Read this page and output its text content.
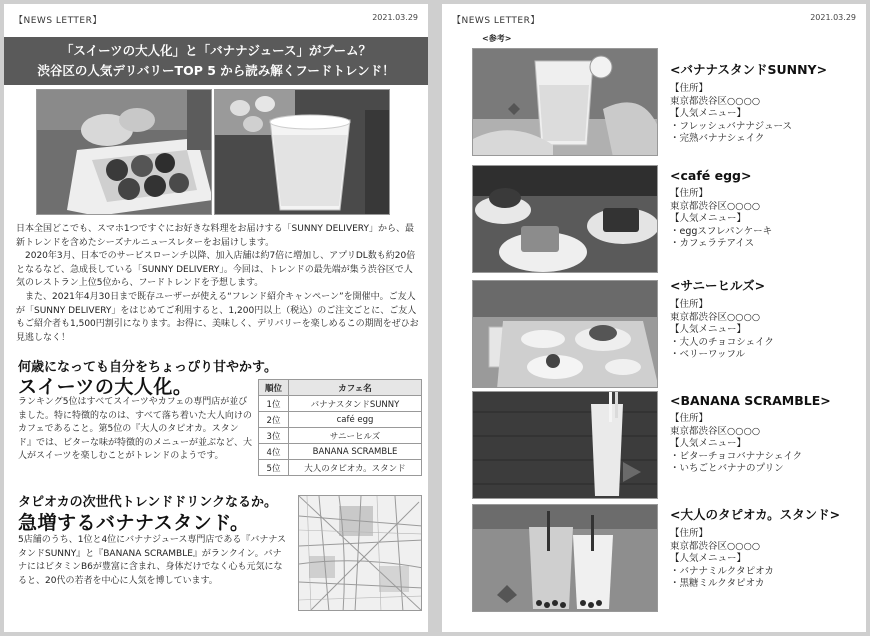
【NEWS LETTER】	2021.03.29
「スイーツの大人化」と「バナナジュース」がブーム？
渋谷区の人気デリバリーTOP 5 から読み解くフードトレンド！

日本全国どこでも、スマホ1つですぐにお好きな料理をお届けする「SUNNY DELIVERY」から、最新トレンドを含めたシーズナルニュースレターをお届けします。

2020年3月、日本でのサービスローンチ以降、加入店舗は約7倍に増加し、アプリDL数も約20倍となるなど、急成長している「SUNNY DELIVERY」。今回は、トレンドの最先端が集う渋谷区で人気のレストラン上位5位から、フードトレンドを予想します。

また、2021年4月30日まで既存ユーザーが使える“フレンド紹介キャンペーン”を開催中。ご友人が「SUNNY DELIVERY」をはじめてご利用すると、1,200円以上（税込）のご注文ごとに、ご友人もご紹介者も1,500円割引になります。お得に、美味しく、デリバリーを楽しめるこの期間をぜひお見逃しなく！

何歳になっても自分をちょっぴり甘やかす。
スイーツの大人化。
ランキング5位はすべてスイーツやカフェの専門店が並びました。特に特徴的なのは、すべて落ち着いた大人向けのカフェであること。第5位の『大人のタピオカ。スタンド』では、ビターな味が特徴的のメニューが並ぶなど、大人がスイーツを楽しむことがトレンドのようです。
順位	カフェ名
1位	バナナスタンドSUNNY
2位	café egg
3位	サニーヒルズ
4位	BANANA SCRAMBLE
5位	大人のタピオカ。スタンド
タピオカの次世代トレンドドリンクなるか。
急増するバナナスタンド。
5店舗のうち、1位と4位にバナナジュース専門店である『バナナスタンドSUNNY』と『BANANA SCRAMBLE』がランクイン。バナナにはビタミンB6が豊富に含まれ、身体だけでなく心も元気になると、20代の若者を中心に人気を博しています。
【NEWS LETTER】	2021.03.29
<参考>
<バナナスタンドSUNNY>
【住所】
東京都渋谷区○○○○
【人気メニュー】
・フレッシュバナナジュース
・完熟バナナシェイク
<café egg>
【住所】
東京都渋谷区○○○○
【人気メニュー】
・eggスフレパンケーキ
・カフェラテアイス
<サニーヒルズ>
【住所】
東京都渋谷区○○○○
【人気メニュー】
・大人のチョコシェイク
・ベリーワッフル
<BANANA SCRAMBLE>
【住所】
東京都渋谷区○○○○
【人気メニュー】
・ビターチョコバナナシェイク
・いちごとバナナのプリン
<大人のタピオカ。スタンド>
【住所】
東京都渋谷区○○○○
【人気メニュー】
・バナナミルクタピオカ
・黒糖ミルクタピオカ
